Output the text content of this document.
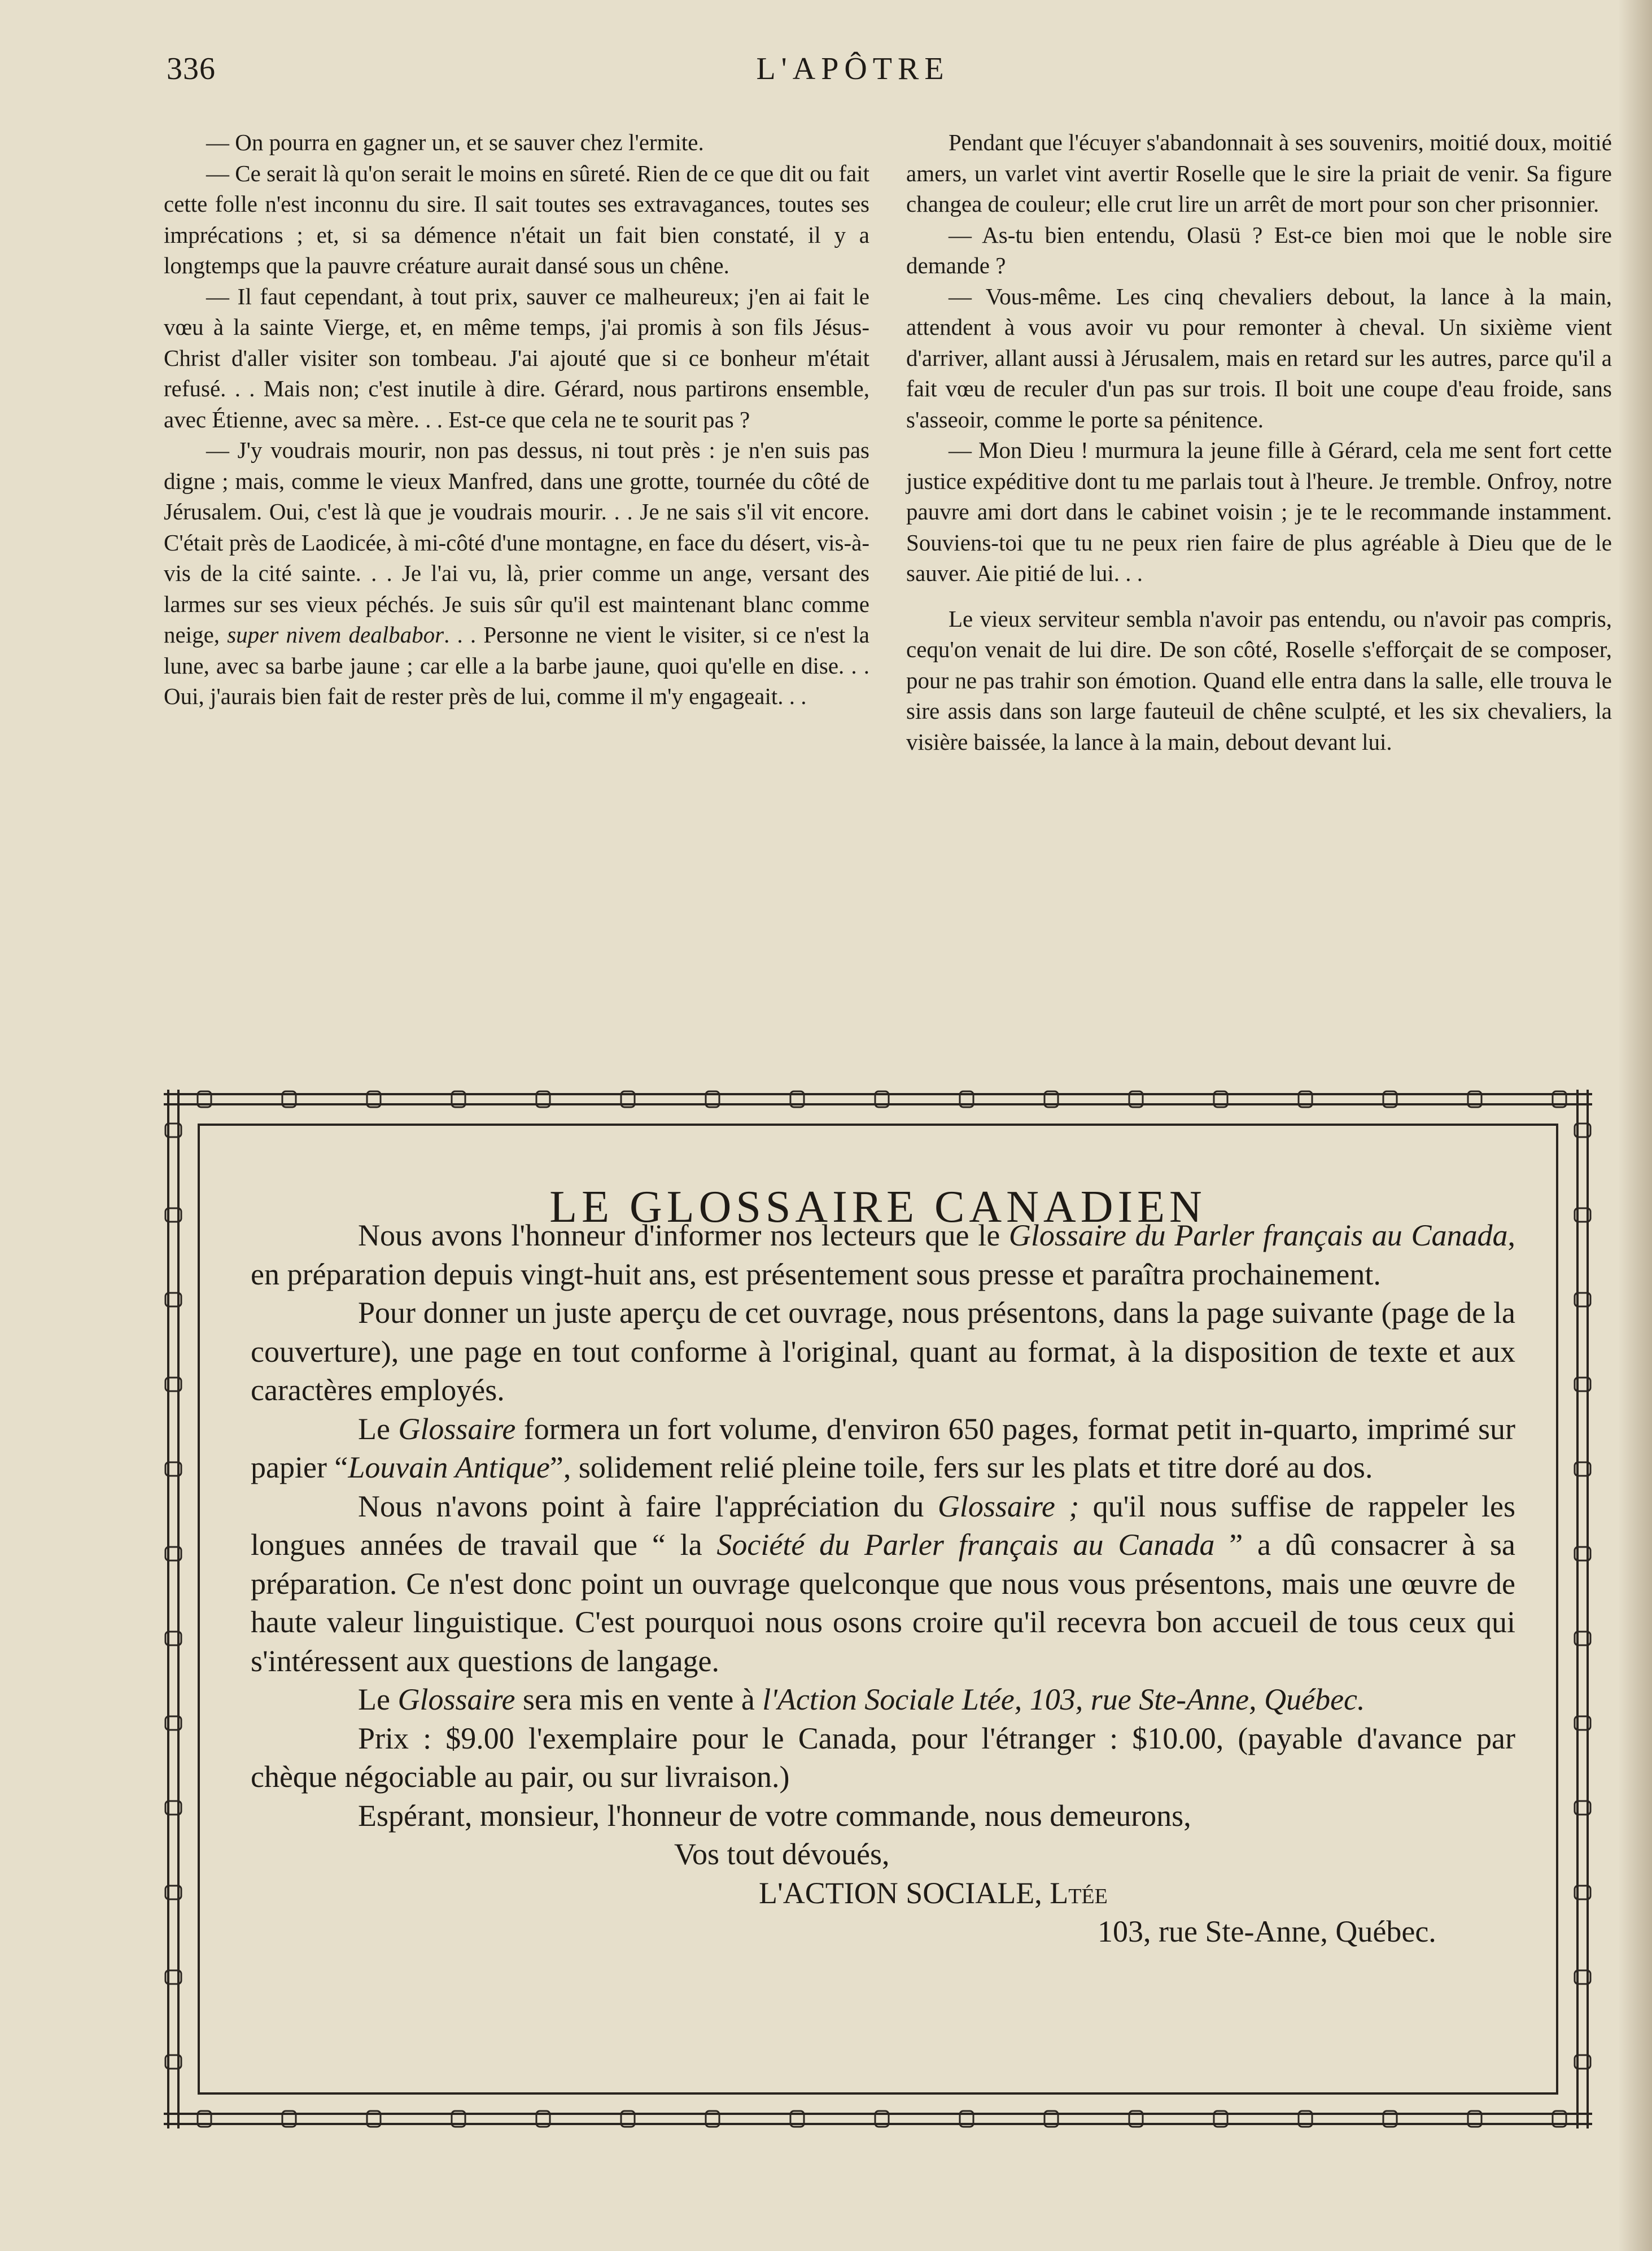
336	L'APÔTRE

— On pourra en gagner un, et se sauver chez l'ermite.

— Ce serait là qu'on serait le moins en sûreté. Rien de ce que dit ou fait cette folle n'est inconnu du sire. Il sait toutes ses extravagances, toutes ses imprécations ; et, si sa démence n'était un fait bien constaté, il y a longtemps que la pauvre créature aurait dansé sous un chêne.

— Il faut cependant, à tout prix, sauver ce malheureux; j'en ai fait le vœu à la sainte Vierge, et, en même temps, j'ai promis à son fils Jésus-Christ d'aller visiter son tombeau. J'ai ajouté que si ce bonheur m'était refusé. . . Mais non; c'est inutile à dire. Gérard, nous partirons ensemble, avec Étienne, avec sa mère. . . Est-ce que cela ne te sourit pas ?

— J'y voudrais mourir, non pas dessus, ni tout près : je n'en suis pas digne ; mais, comme le vieux Manfred, dans une grotte, tournée du côté de Jérusalem. Oui, c'est là que je voudrais mourir. . . Je ne sais s'il vit encore. C'était près de Laodicée, à mi-côté d'une montagne, en face du désert, vis-à-vis de la cité sainte. . . Je l'ai vu, là, prier comme un ange, versant des larmes sur ses vieux péchés. Je suis sûr qu'il est maintenant blanc comme neige, super nivem dealbabor. . . Personne ne vient le visiter, si ce n'est la lune, avec sa barbe jaune ; car elle a la barbe jaune, quoi qu'elle en dise. . . Oui, j'aurais bien fait de rester près de lui, comme il m'y engageait. . .

Pendant que l'écuyer s'abandonnait à ses souvenirs, moitié doux, moitié amers, un varlet vint avertir Roselle que le sire la priait de venir. Sa figure changea de couleur; elle crut lire un arrêt de mort pour son cher prisonnier.

— As-tu bien entendu, Olasü ? Est-ce bien moi que le noble sire demande ?

— Vous-même. Les cinq chevaliers debout, la lance à la main, attendent à vous avoir vu pour remonter à cheval. Un sixième vient d'arriver, allant aussi à Jérusalem, mais en retard sur les autres, parce qu'il a fait vœu de reculer d'un pas sur trois. Il boit une coupe d'eau froide, sans s'asseoir, comme le porte sa pénitence.

— Mon Dieu ! murmura la jeune fille à Gérard, cela me sent fort cette justice expéditive dont tu me parlais tout à l'heure. Je tremble. Onfroy, notre pauvre ami dort dans le cabinet voisin ; je te le recommande instamment. Souviens-toi que tu ne peux rien faire de plus agréable à Dieu que de le sauver. Aie pitié de lui. . .

Le vieux serviteur sembla n'avoir pas entendu, ou n'avoir pas compris, cequ'on venait de lui dire. De son côté, Roselle s'efforçait de se composer, pour ne pas trahir son émotion. Quand elle entra dans la salle, elle trouva le sire assis dans son large fauteuil de chêne sculpté, et les six chevaliers, la visière baissée, la lance à la main, debout devant lui.

LE GLOSSAIRE CANADIEN

Nous avons l'honneur d'informer nos lecteurs que le Glossaire du Parler français au Canada, en préparation depuis vingt-huit ans, est présentement sous presse et paraîtra prochainement.

Pour donner un juste aperçu de cet ouvrage, nous présentons, dans la page suivante (page de la couverture), une page en tout conforme à l'original, quant au format, à la disposition de texte et aux caractères employés.

Le Glossaire formera un fort volume, d'environ 650 pages, format petit in-quarto, imprimé sur papier “Louvain Antique”, solidement relié pleine toile, fers sur les plats et titre doré au dos.

Nous n'avons point à faire l'appréciation du Glossaire ; qu'il nous suffise de rappeler les longues années de travail que “ la Société du Parler français au Canada ” a dû consacrer à sa préparation. Ce n'est donc point un ouvrage quelconque que nous vous présentons, mais une œuvre de haute valeur linguistique. C'est pourquoi nous osons croire qu'il recevra bon accueil de tous ceux qui s'intéressent aux questions de langage.

Le Glossaire sera mis en vente à l'Action Sociale Ltée, 103, rue Ste-Anne, Québec.

Prix : $9.00 l'exemplaire pour le Canada, pour l'étranger : $10.00, (payable d'avance par chèque négociable au pair, ou sur livraison.)

Espérant, monsieur, l'honneur de votre commande, nous demeurons,

Vos tout dévoués,

L'ACTION SOCIALE, Ltée

103, rue Ste-Anne, Québec.
